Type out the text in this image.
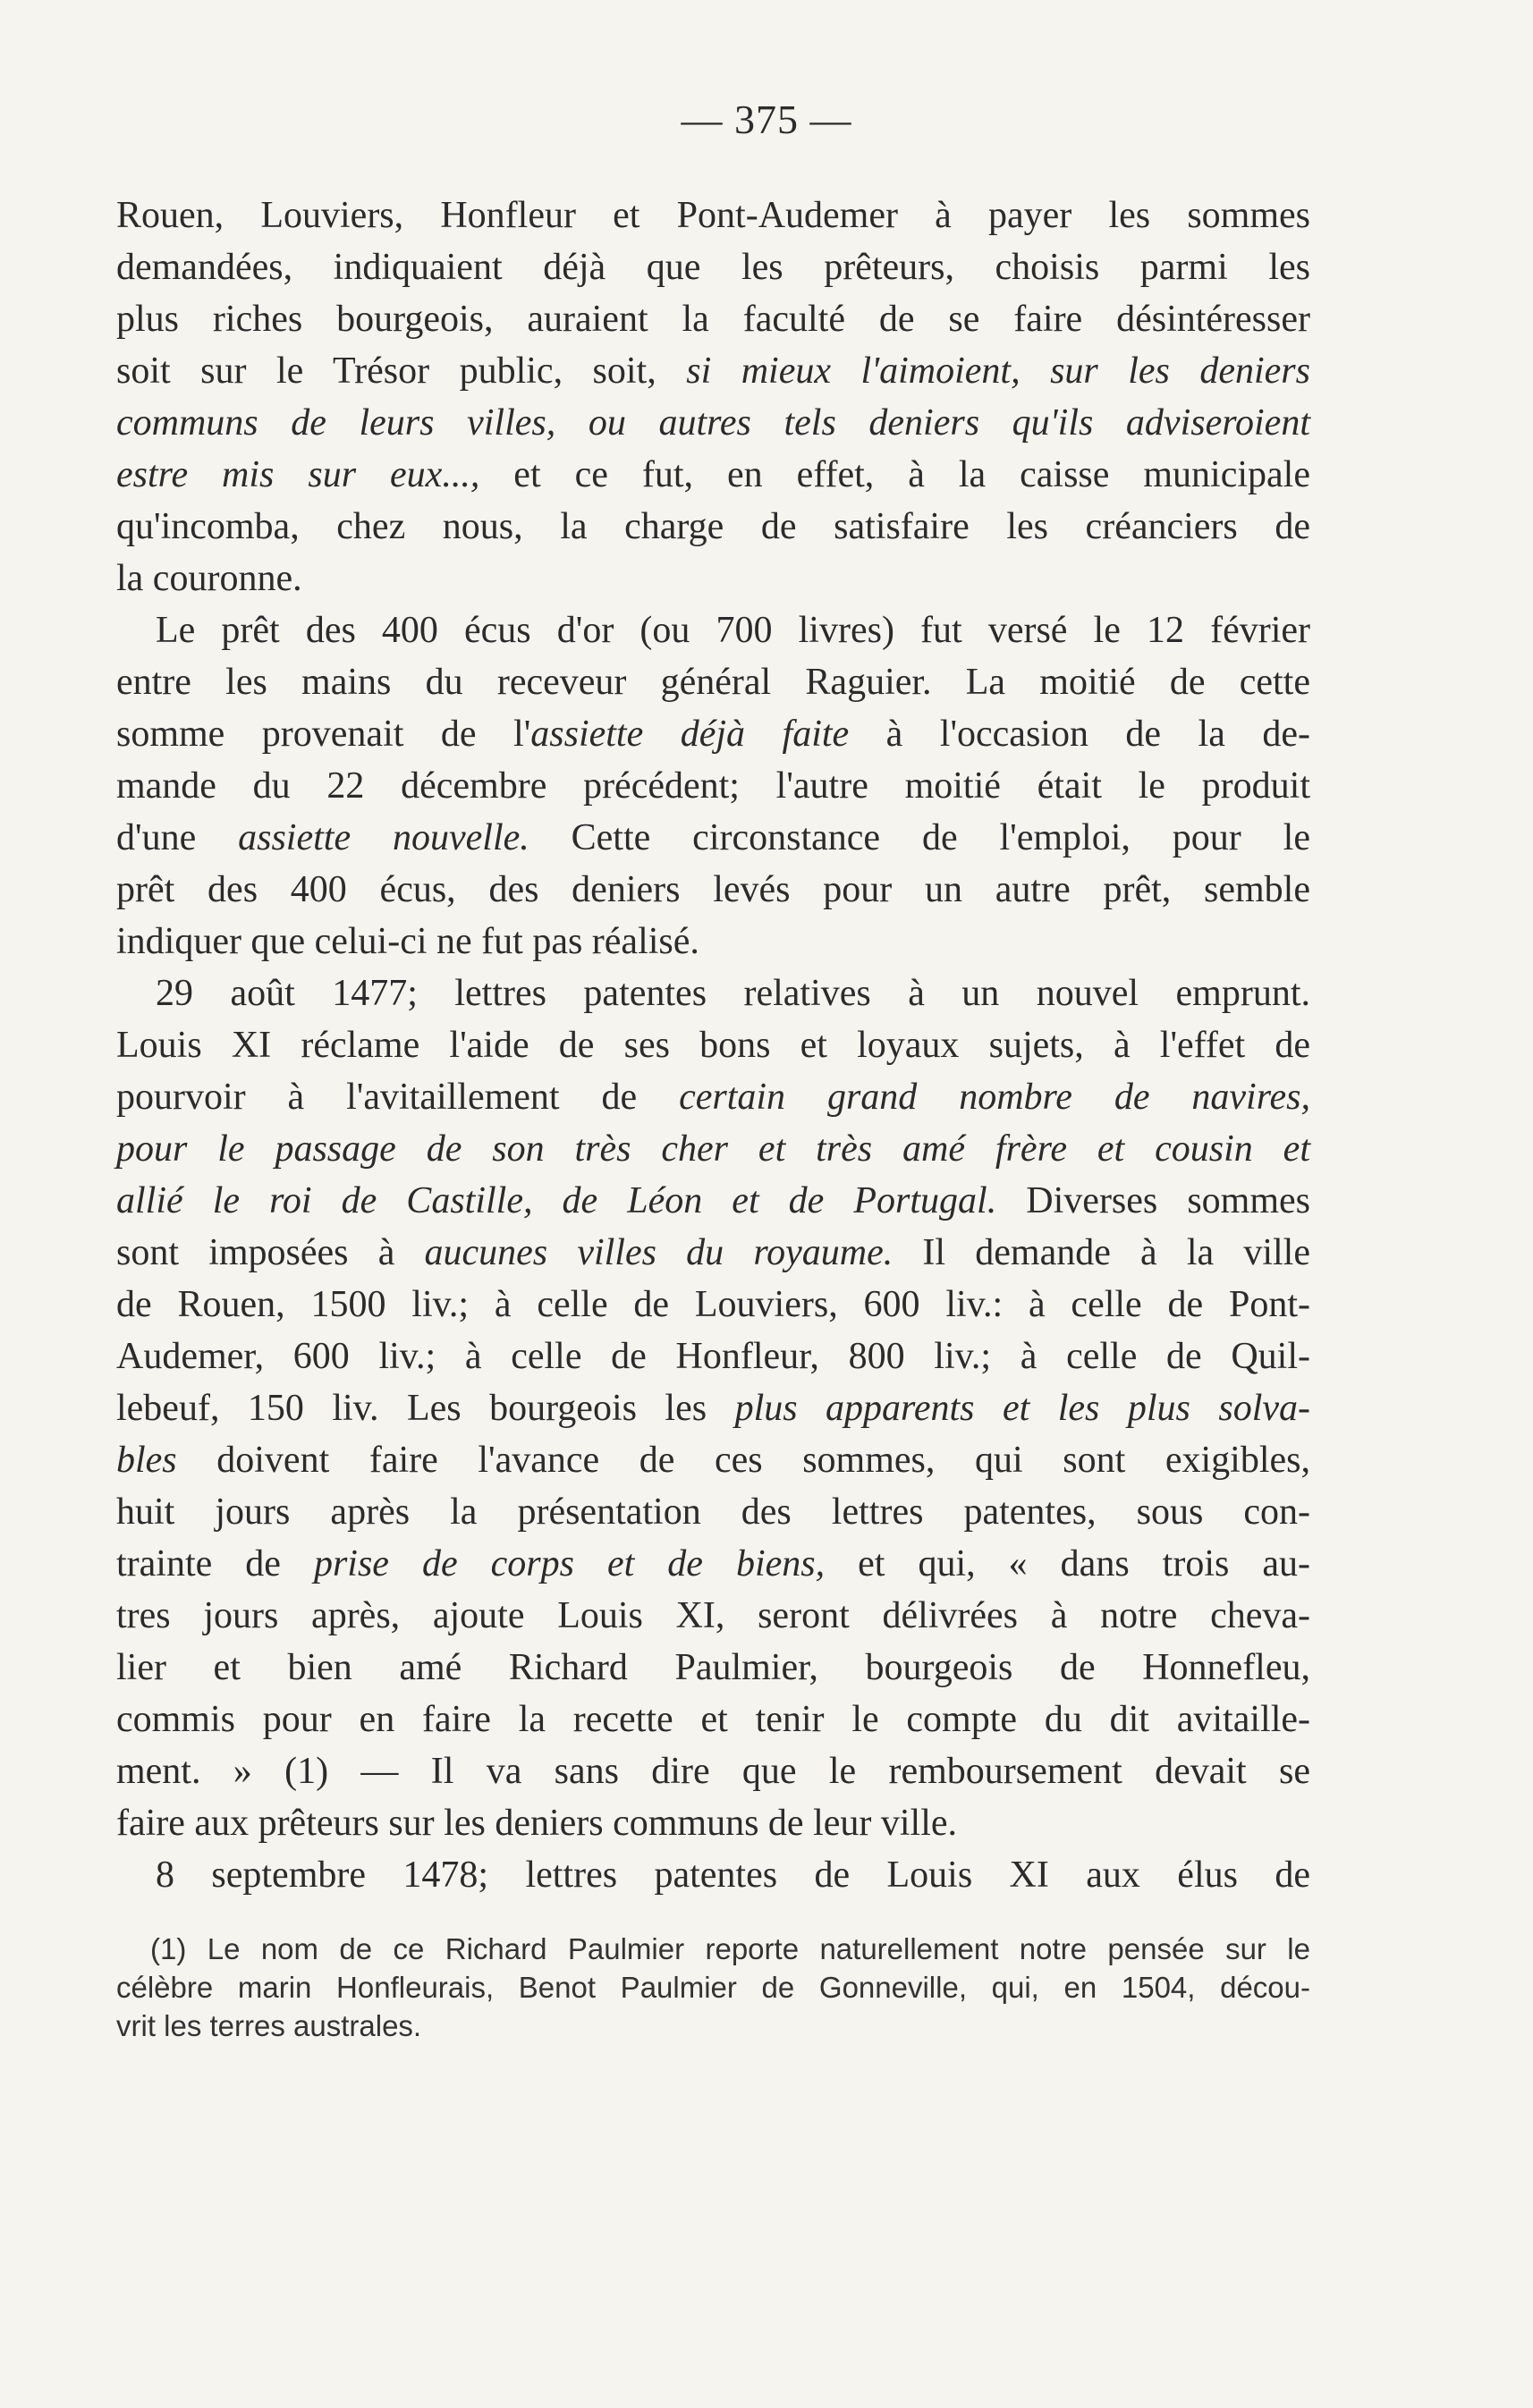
— 375 —
Rouen, Louviers, Honfleur et Pont-Audemer à payer les sommes
demandées, indiquaient déjà que les prêteurs, choisis parmi les
plus riches bourgeois, auraient la faculté de se faire désintéresser
soit sur le Trésor public, soit, si mieux l'aimoient, sur les deniers
communs de leurs villes, ou autres tels deniers qu'ils adviseroient
estre mis sur eux..., et ce fut, en effet, à la caisse municipale
qu'incomba, chez nous, la charge de satisfaire les créanciers de
la couronne.
Le prêt des 400 écus d'or (ou 700 livres) fut versé le 12 février
entre les mains du receveur général Raguier. La moitié de cette
somme provenait de l'assiette déjà faite à l'occasion de la de-
mande du 22 décembre précédent; l'autre moitié était le produit
d'une assiette nouvelle. Cette circonstance de l'emploi, pour le
prêt des 400 écus, des deniers levés pour un autre prêt, semble
indiquer que celui-ci ne fut pas réalisé.
29 août 1477; lettres patentes relatives à un nouvel emprunt.
Louis XI réclame l'aide de ses bons et loyaux sujets, à l'effet de
pourvoir à l'avitaillement de certain grand nombre de navires,
pour le passage de son très cher et très amé frère et cousin et
allié le roi de Castille, de Léon et de Portugal. Diverses sommes
sont imposées à aucunes villes du royaume. Il demande à la ville
de Rouen, 1500 liv.; à celle de Louviers, 600 liv.: à celle de Pont-
Audemer, 600 liv.; à celle de Honfleur, 800 liv.; à celle de Quil-
lebeuf, 150 liv. Les bourgeois les plus apparents et les plus solva-
bles doivent faire l'avance de ces sommes, qui sont exigibles,
huit jours après la présentation des lettres patentes, sous con-
trainte de prise de corps et de biens, et qui, « dans trois au-
tres jours après, ajoute Louis XI, seront délivrées à notre cheva-
lier et bien amé Richard Paulmier, bourgeois de Honnefleu,
commis pour en faire la recette et tenir le compte du dit avitaille-
ment. » (1) — Il va sans dire que le remboursement devait se
faire aux prêteurs sur les deniers communs de leur ville.
8 septembre 1478; lettres patentes de Louis XI aux élus de
(1) Le nom de ce Richard Paulmier reporte naturellement notre pensée sur le
célèbre marin Honfleurais, Benot Paulmier de Gonneville, qui, en 1504, décou-
vrit les terres australes.
